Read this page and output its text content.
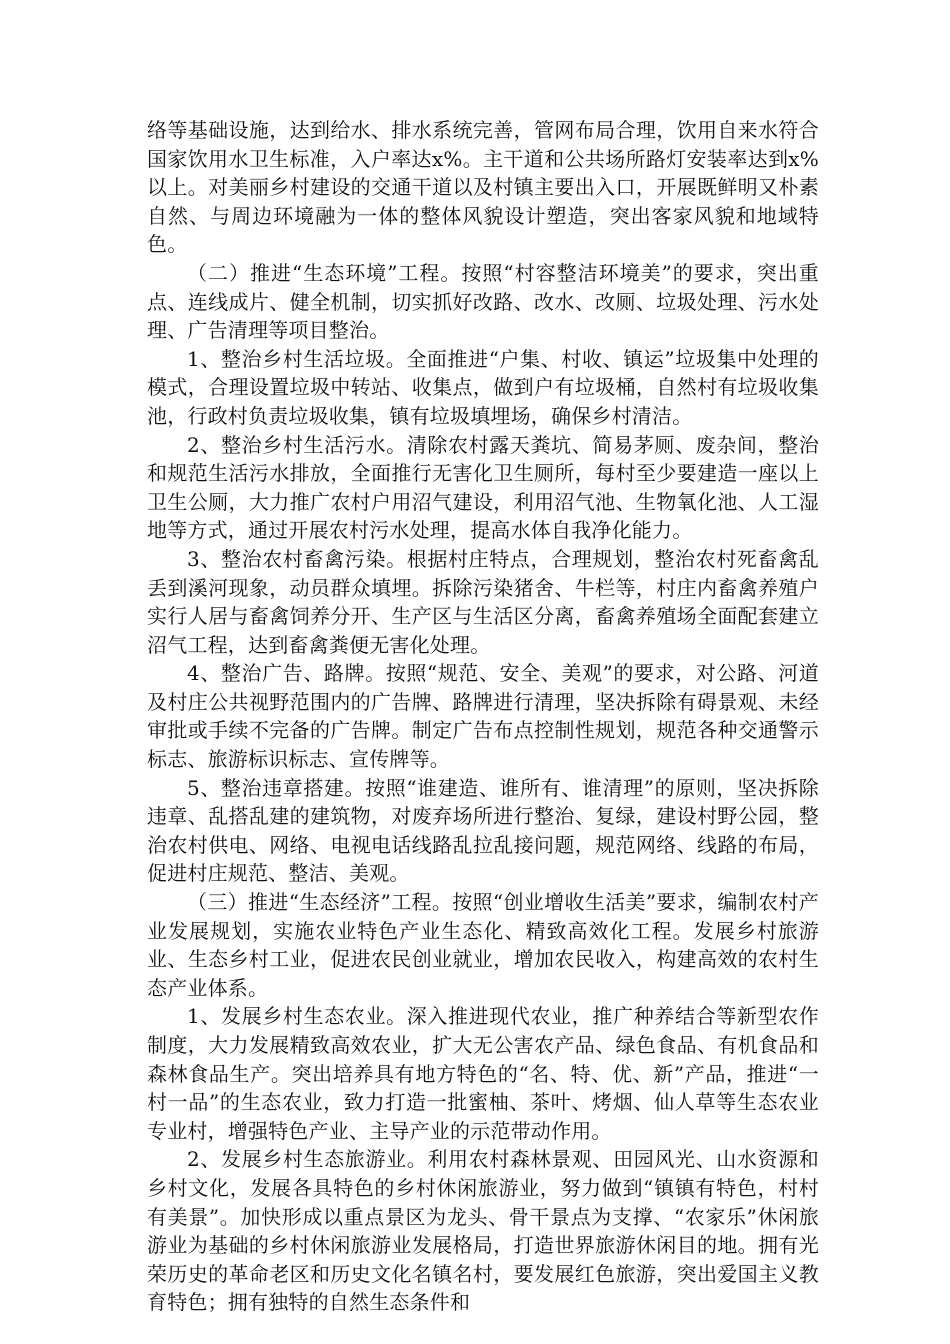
络等基础设施，达到给水、排水系统完善，管网布局合理，饮用自来水符合国家饮用水卫生标准，入户率达x%。主干道和公共场所路灯安装率达到x%以上。对美丽乡村建设的交通干道以及村镇主要出入口，开展既鲜明又朴素自然、与周边环境融为一体的整体风貌设计塑造，突出客家风貌和地域特色。

（二）推进“生态环境”工程。按照“村容整洁环境美”的要求，突出重点、连线成片、健全机制，切实抓好改路、改水、改厕、垃圾处理、污水处理、广告清理等项目整治。

1、整治乡村生活垃圾。全面推进“户集、村收、镇运”垃圾集中处理的模式，合理设置垃圾中转站、收集点，做到户有垃圾桶，自然村有垃圾收集池，行政村负责垃圾收集，镇有垃圾填埋场，确保乡村清洁。

2、整治乡村生活污水。清除农村露天粪坑、简易茅厕、废杂间，整治和规范生活污水排放，全面推行无害化卫生厕所，每村至少要建造一座以上卫生公厕，大力推广农村户用沼气建设，利用沼气池、生物氧化池、人工湿地等方式，通过开展农村污水处理，提高水体自我净化能力。

3、整治农村畜禽污染。根据村庄特点，合理规划，整治农村死畜禽乱丢到溪河现象，动员群众填埋。拆除污染猪舍、牛栏等，村庄内畜禽养殖户实行人居与畜禽饲养分开、生产区与生活区分离，畜禽养殖场全面配套建立沼气工程，达到畜禽粪便无害化处理。

4、整治广告、路牌。按照“规范、安全、美观”的要求，对公路、河道及村庄公共视野范围内的广告牌、路牌进行清理，坚决拆除有碍景观、未经审批或手续不完备的广告牌。制定广告布点控制性规划，规范各种交通警示标志、旅游标识标志、宣传牌等。

5、整治违章搭建。按照“谁建造、谁所有、谁清理”的原则，坚决拆除违章、乱搭乱建的建筑物，对废弃场所进行整治、复绿，建设村野公园，整治农村供电、网络、电视电话线路乱拉乱接问题，规范网络、线路的布局，促进村庄规范、整洁、美观。

（三）推进“生态经济”工程。按照“创业增收生活美”要求，编制农村产业发展规划，实施农业特色产业生态化、精致高效化工程。发展乡村旅游业、生态乡村工业，促进农民创业就业，增加农民收入，构建高效的农村生态产业体系。

1、发展乡村生态农业。深入推进现代农业，推广种养结合等新型农作制度，大力发展精致高效农业，扩大无公害农产品、绿色食品、有机食品和森林食品生产。突出培养具有地方特色的“名、特、优、新”产品，推进“一村一品”的生态农业，致力打造一批蜜柚、茶叶、烤烟、仙人草等生态农业专业村，增强特色产业、主导产业的示范带动作用。

2、发展乡村生态旅游业。利用农村森林景观、田园风光、山水资源和乡村文化，发展各具特色的乡村休闲旅游业，努力做到“镇镇有特色，村村有美景”。加快形成以重点景区为龙头、骨干景点为支撑、“农家乐”休闲旅游业为基础的乡村休闲旅游业发展格局，打造世界旅游休闲目的地。拥有光荣历史的革命老区和历史文化名镇名村，要发展红色旅游，突出爱国主义教育特色；拥有独特的自然生态条件和
